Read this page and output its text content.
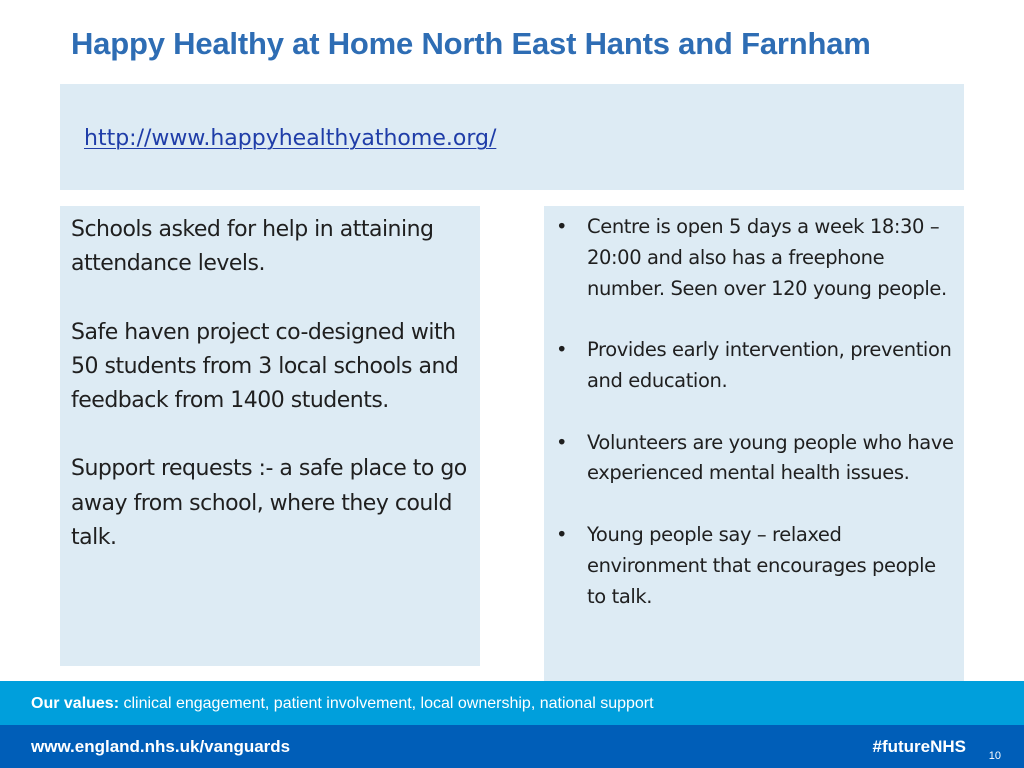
Happy Healthy at Home North East Hants and Farnham
http://www.happyhealthyathome.org/

Schools asked for help in attaining attendance levels.

Safe haven project co-designed with 50 students from 3 local schools and feedback from 1400 students.

Support requests :- a safe place to go away from school, where they could talk.

• Centre is open 5 days a week 18:30 – 20:00 and also has a freephone number. Seen over 120 young people.
• Provides early intervention, prevention and education.
• Volunteers are young people who have experienced mental health issues.
• Young people say – relaxed environment that encourages people to talk.
Our values: clinical engagement, patient involvement, local ownership, national support
www.england.nhs.uk/vanguards	#futureNHS 10
